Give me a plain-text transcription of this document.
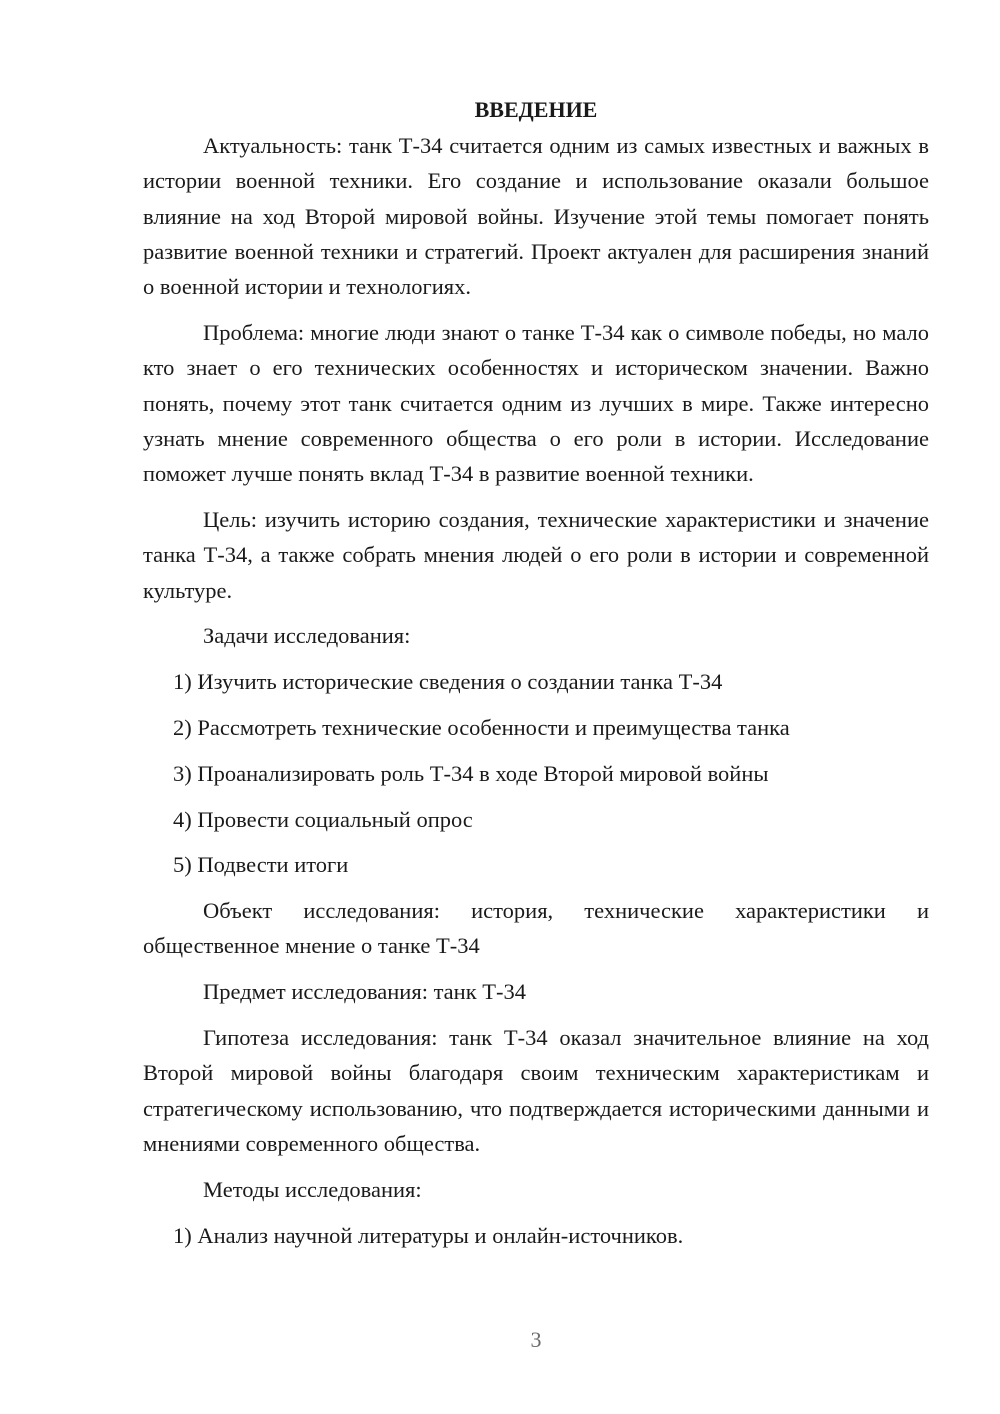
ВВЕДЕНИЕ

Актуальность: танк Т-34 считается одним из самых известных и важных в истории военной техники. Его создание и использование оказали большое влияние на ход Второй мировой войны. Изучение этой темы помогает понять развитие военной техники и стратегий. Проект актуален для расширения знаний о военной истории и технологиях.

Проблема: многие люди знают о танке Т-34 как о символе победы, но мало кто знает о его технических особенностях и историческом значении. Важно понять, почему этот танк считается одним из лучших в мире. Также интересно узнать мнение современного общества о его роли в истории. Исследование поможет лучше понять вклад Т-34 в развитие военной техники.

Цель: изучить историю создания, технические характеристики и значение танка Т-34, а также собрать мнения людей о его роли в истории и современной культуре.

Задачи исследования:

1) Изучить исторические сведения о создании танка Т-34

2) Рассмотреть технические особенности и преимущества танка

3) Проанализировать роль Т-34 в ходе Второй мировой войны

4) Провести социальный опрос

5) Подвести итоги

Объект исследования: история, технические характеристики и общественное мнение о танке Т-34

Предмет исследования: танк Т-34

Гипотеза исследования: танк Т-34 оказал значительное влияние на ход Второй мировой войны благодаря своим техническим характеристикам и стратегическому использованию, что подтверждается историческими данными и мнениями современного общества.

Методы исследования:

1) Анализ научной литературы и онлайн-источников.

3
